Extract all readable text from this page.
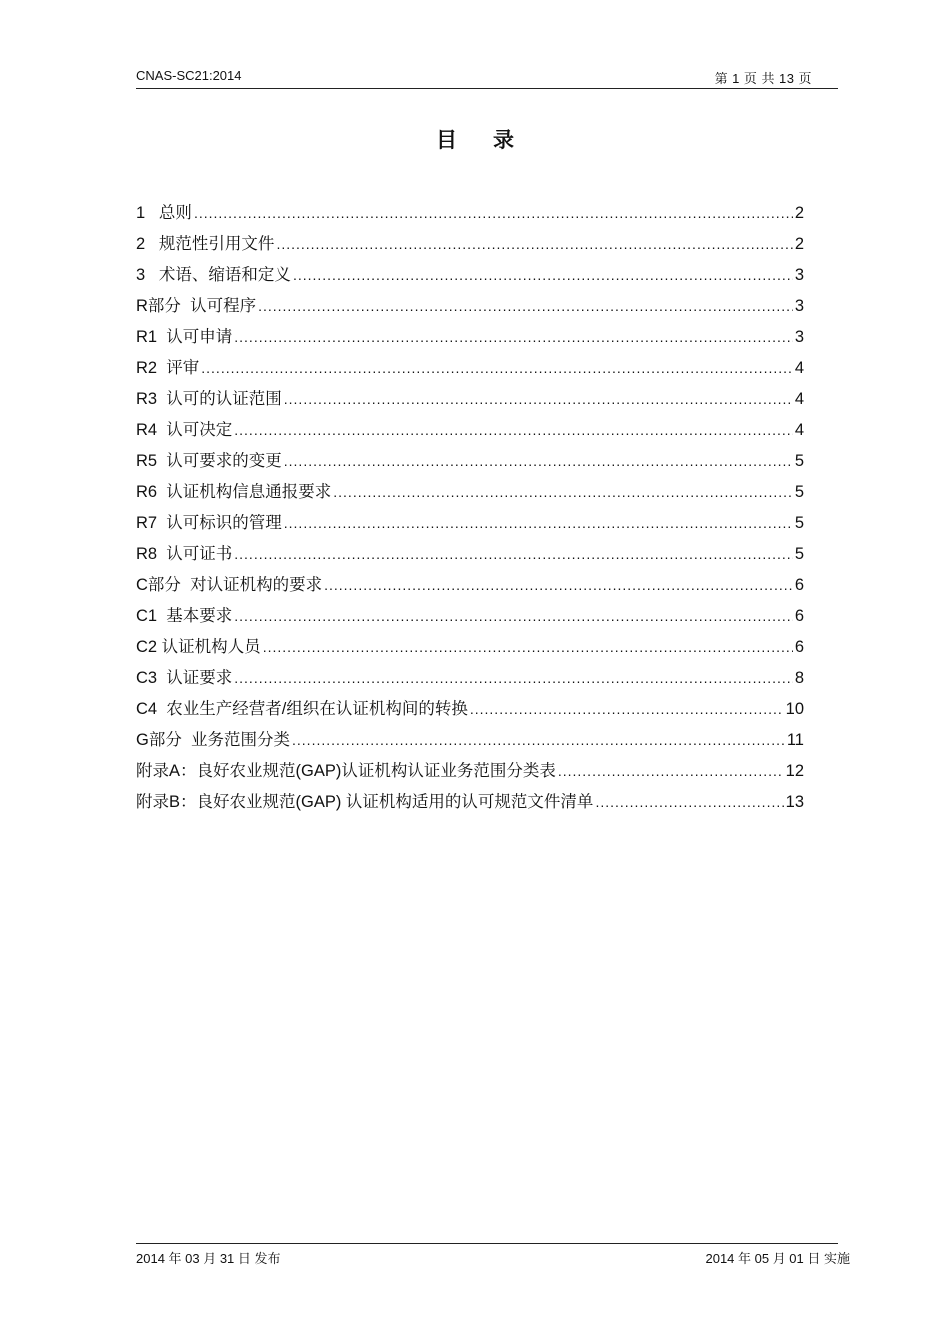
CNAS-SC21:2014	第 1 页 共 13 页
目录
1   总则 .....	2
2   规范性引用文件 .....	2
3   术语、缩语和定义 .....	3
R部分  认可程序 .....	3
R1  认可申请 .....	3
R2  评审 .....	4
R3  认可的认证范围 .....	4
R4  认可决定 .....	4
R5  认可要求的变更 .....	5
R6  认证机构信息通报要求 .....	5
R7  认可标识的管理 .....	5
R8  认可证书 .....	5
C部分  对认证机构的要求 .....	6
C1  基本要求 .....	6
C2 认证机构人员 .....	6
C3  认证要求 .....	8
C4  农业生产经营者/组织在认证机构间的转换 .....	10
G部分  业务范围分类 .....	11
附录A：良好农业规范(GAP)认证机构认证业务范围分类表 .....	12
附录B：良好农业规范(GAP) 认证机构适用的认可规范文件清单 .....	13
2014 年 03 月 31 日 发布	2014 年 05 月 01 日 实施
